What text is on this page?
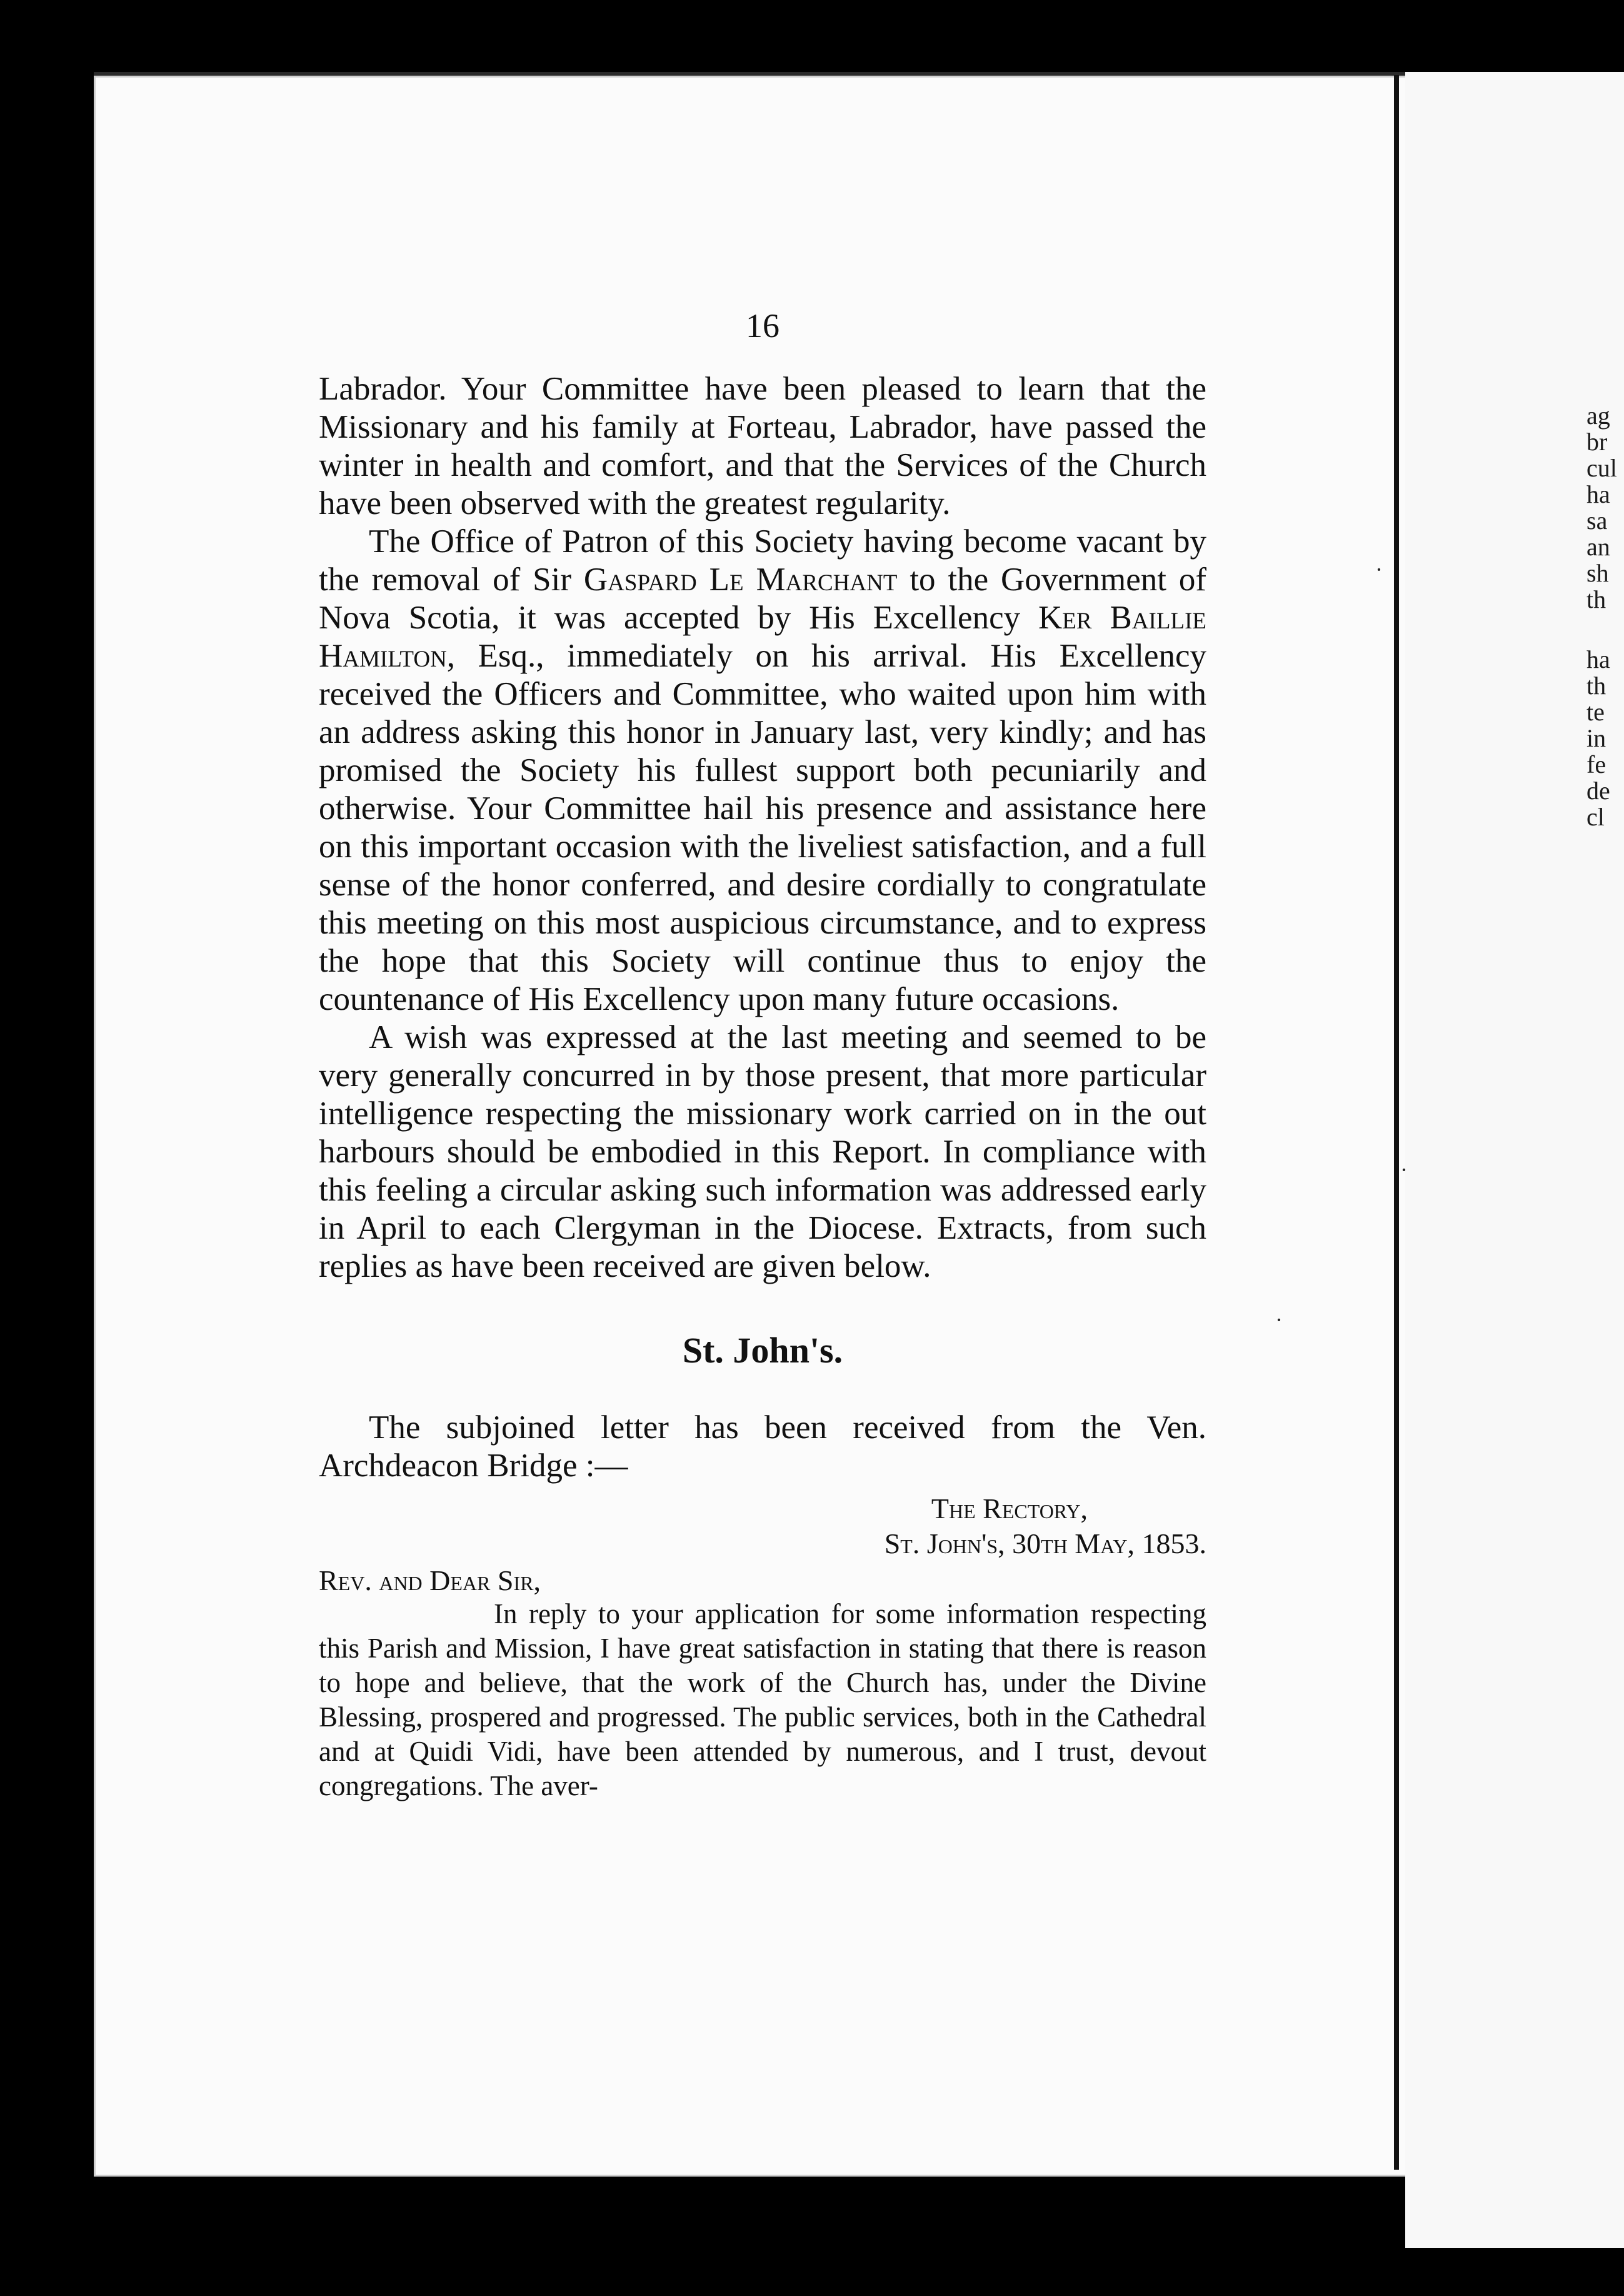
ag
br
cul
ha
sa
an
sh
th
ha
th
te
in
fe
de
cl
·
·
·
16

Labrador. Your Committee have been pleased to learn that the Missionary and his family at Forteau, Labrador, have passed the winter in health and comfort, and that the Services of the Church have been observed with the greatest regularity.

The Office of Patron of this Society having become vacant by the removal of Sir Gaspard Le Marchant to the Government of Nova Scotia, it was accepted by His Excellency Ker Baillie Hamilton, Esq., immediately on his arrival. His Excellency received the Officers and Committee, who waited upon him with an address asking this honor in January last, very kindly; and has promised the Society his fullest support both pecuniarily and otherwise. Your Committee hail his presence and assistance here on this important occasion with the liveliest satisfaction, and a full sense of the honor conferred, and desire cordially to congratulate this meeting on this most auspicious circumstance, and to express the hope that this Society will continue thus to enjoy the countenance of His Excellency upon many future occasions.

A wish was expressed at the last meeting and seemed to be very generally concurred in by those present, that more particular intelligence respecting the missionary work carried on in the out harbours should be embodied in this Report. In compliance with this feeling a circular asking such information was addressed early in April to each Clergyman in the Diocese. Extracts, from such replies as have been received are given below.

St. John's.

The subjoined letter has been received from the Ven. Archdeacon Bridge :—

The Rectory,
St. John's, 30th May, 1853.
Rev. and Dear Sir,

In reply to your application for some information respecting this Parish and Mission, I have great satisfaction in stating that there is reason to hope and believe, that the work of the Church has, under the Divine Blessing, prospered and progressed. The public services, both in the Cathedral and at Quidi Vidi, have been attended by numerous, and I trust, devout congregations. The aver-
